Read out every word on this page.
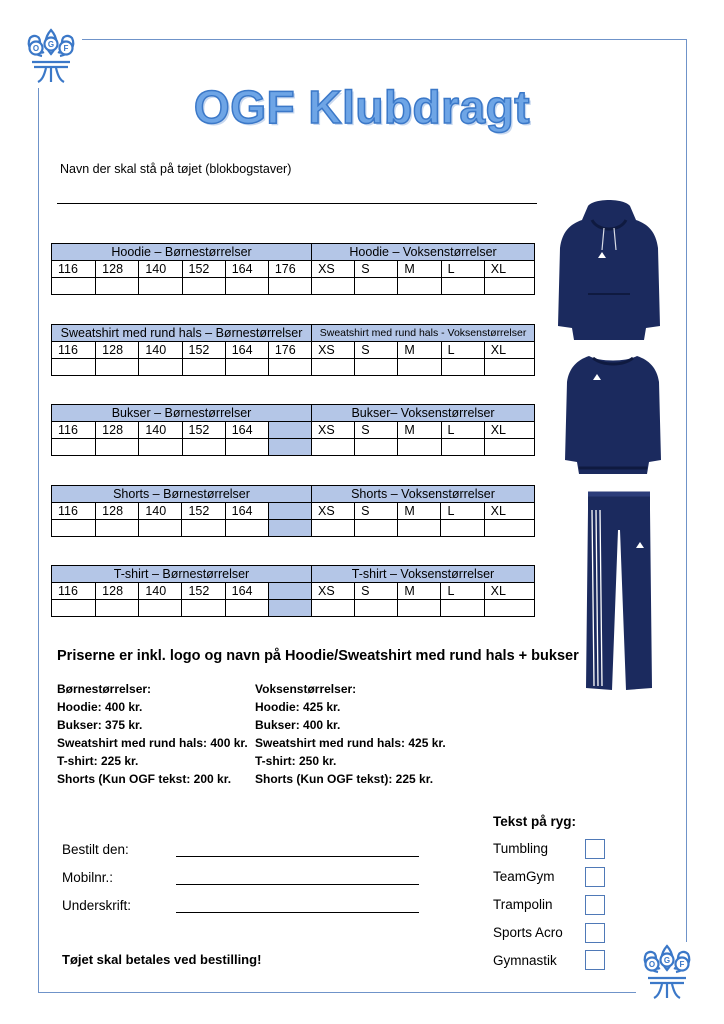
O G F
O G F
OGF Klubdragt
Navn der skal stå på tøjet (blokbogstaver)
Hoodie – Børnestørrelser						Hoodie – Voksenstørrelser				
116	128	140	152	164	176	XS	S	M	L	XL

Sweatshirt med rund hals – Børnestørrelser						Sweatshirt med rund hals - Voksenstørrelser				
116	128	140	152	164	176	XS	S	M	L	XL

Bukser – Børnestørrelser						Bukser– Voksenstørrelser				
116	128	140	152	164		XS	S	M	L	XL

Shorts – Børnestørrelser						Shorts – Voksenstørrelser				
116	128	140	152	164		XS	S	M	L	XL

T-shirt – Børnestørrelser						T-shirt – Voksenstørrelser				
116	128	140	152	164		XS	S	M	L	XL

Priserne er inkl. logo og navn på Hoodie/Sweatshirt med rund hals + bukser
Børnestørrelser:
Hoodie: 400 kr.
Bukser: 375 kr.
Sweatshirt med rund hals: 400 kr.
T-shirt: 225 kr.
Shorts (Kun OGF tekst: 200 kr.
Voksenstørrelser:
Hoodie: 425 kr.
Bukser: 400 kr.
Sweatshirt med rund hals: 425 kr.
T-shirt: 250 kr.
Shorts (Kun OGF tekst): 225 kr.
Bestilt den:
Mobilnr.:
Underskrift:
Tekst på ryg:
Tumbling
TeamGym
Trampolin
Sports Acro
Gymnastik
Tøjet skal betales ved bestilling!
